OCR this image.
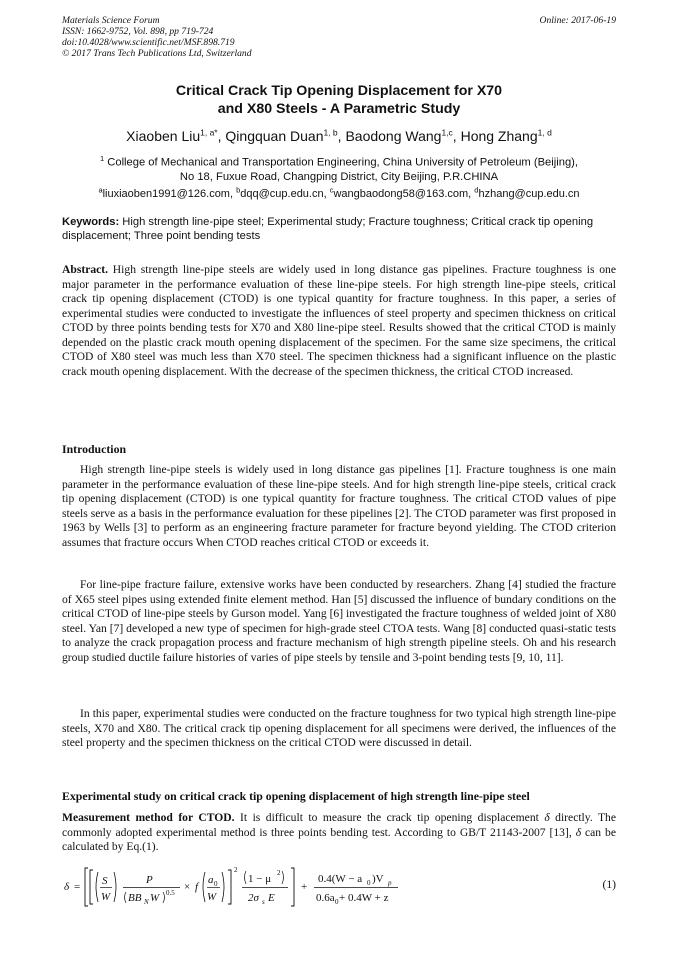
Materials Science Forum
ISSN: 1662-9752, Vol. 898, pp 719-724
doi:10.4028/www.scientific.net/MSF.898.719
© 2017 Trans Tech Publications Ltd, Switzerland
Online: 2017-06-19
Critical Crack Tip Opening Displacement for X70
and X80 Steels - A Parametric Study
Xiaoben Liu$^{1, a*}$, Qingquan Duan$^{1, b}$, Baodong Wang$^{1,c}$, Hong Zhang$^{1, d}$
$^1$ College of Mechanical and Transportation Engineering, China University of Petroleum (Beijing),
No 18, Fuxue Road, Changping District, City Beijing, P.R.CHINA
$^a$liuxiaoben1991@126.com, $^b$dqq@cup.edu.cn, $^c$wangbaodong58@163.com, $^d$hzhang@cup.edu.cn
Keywords: High strength line-pipe steel; Experimental study; Fracture toughness; Critical crack tip opening displacement; Three point bending tests
Abstract. High strength line-pipe steels are widely used in long distance gas pipelines. Fracture toughness is one major parameter in the performance evaluation of these line-pipe steels. For high strength line-pipe steels, critical crack tip opening displacement (CTOD) is one typical quantity for fracture toughness. In this paper, a series of experimental studies were conducted to investigate the influences of steel property and specimen thickness on critical CTOD by three points bending tests for X70 and X80 line-pipe steel. Results showed that the critical CTOD is mainly depended on the plastic crack mouth opening displacement of the specimen. For the same size specimens, the critical CTOD of X80 steel was much less than X70 steel. The specimen thickness had a significant influence on the plastic crack mouth opening displacement. With the decrease of the specimen thickness, the critical CTOD increased.
Introduction
High strength line-pipe steels is widely used in long distance gas pipelines [1]. Fracture toughness is one main parameter in the performance evaluation of these line-pipe steels. And for high strength line-pipe steels, critical crack tip opening displacement (CTOD) is one typical quantity for fracture toughness. The critical CTOD values of pipe steels serve as a basis in the performance evaluation for these pipelines [2]. The CTOD parameter was first proposed in 1963 by Wells [3] to perform as an engineering fracture parameter for fracture beyond yielding. The CTOD criterion assumes that fracture occurs When CTOD reaches critical CTOD or exceeds it.
For line-pipe fracture failure, extensive works have been conducted by researchers. Zhang [4] studied the fracture of X65 steel pipes using extended finite element method. Han [5] discussed the influence of bundary conditions on the critical CTOD of line-pipe steels by Gurson model. Yang [6] investigated the fracture toughness of welded joint of X80 steel. Yan [7] developed a new type of specimen for high-grade steel CTOA tests. Wang [8] conducted quasi-static tests to analyze the crack propagation process and fracture mechanism of high strength pipeline steels. Oh and his research group studied ductile failure histories of varies of pipe steels by tensile and 3-point bending tests [9, 10, 11].
In this paper, experimental studies were conducted on the fracture toughness for two typical high strength line-pipe steels, X70 and X80. The critical crack tip opening displacement for all specimens were derived, the influences of the steel property and the specimen thickness on the critical CTOD were discussed in detail.
Experimental study on critical crack tip opening displacement of high strength line-pipe steel
Measurement method for CTOD. It is difficult to measure the crack tip opening displacement δ directly. The commonly adopted experimental method is three points bending test. According to GB/T 21143-2007 [13], δ can be calculated by Eq.(1).
δ = S
W
P
BB N W 0.5 × f
a 0
W
2
1 − μ 2
2σ s E
+
0.4(W − a 0 )V p
0.6a 0 + 0.4W + z
(1)
